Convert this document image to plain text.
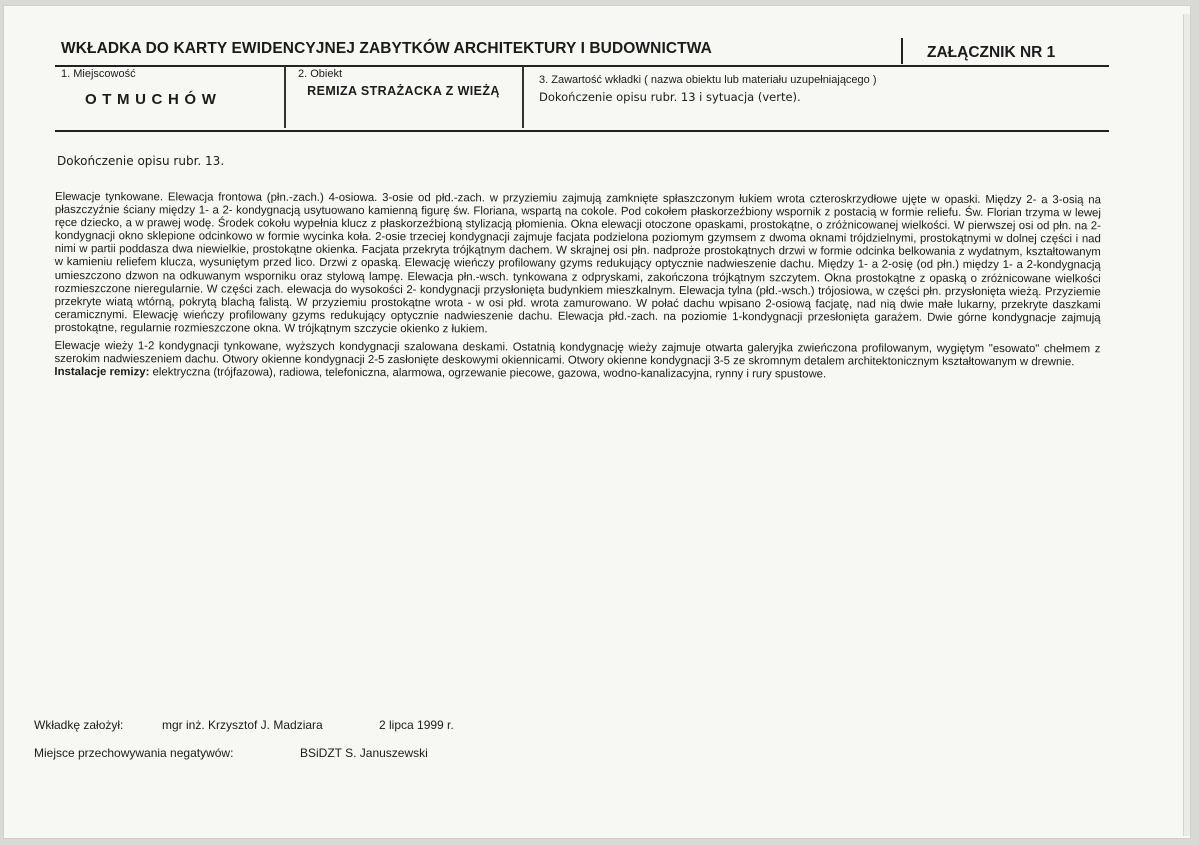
WKŁADKA DO KARTY EWIDENCYJNEJ ZABYTKÓW ARCHITEKTURY I BUDOWNICTWA	ZAŁĄCZNIK NR 1
1. Miejscowość
OTMUCHÓW
2. Obiekt
REMIZA STRAŻACKA Z WIEŻĄ
3. Zawartość wkładki ( nazwa obiektu lub materiału uzupełniającego )
Dokończenie opisu rubr. 13 i sytuacja (verte).
Dokończenie opisu rubr. 13.

Elewacje tynkowane. Elewacja frontowa (płn.-zach.) 4-osiowa. 3-osie od płd.-zach. w przyziemiu zajmują zamknięte spłaszczonym łukiem wrota czteroskrzydłowe ujęte w opaski. Między 2- a 3-osią na płaszczyźnie ściany między 1- a 2- kondygnacją usytuowano kamienną figurę św. Floriana, wspartą na cokole. Pod cokołem płaskorzeźbiony wspornik z postacią w formie reliefu. Św. Florian trzyma w lewej ręce dziecko, a w prawej wodę. Środek cokołu wypełnia klucz z płaskorzeźbioną stylizacją płomienia. Okna elewacji otoczone opaskami, prostokątne, o zróżnicowanej wielkości. W pierwszej osi od płn. na 2-kondygnacji okno sklepione odcinkowo w formie wycinka koła. 2-osie trzeciej kondygnacji zajmuje facjata podzielona poziomym gzymsem z dwoma oknami trójdzielnymi, prostokątnymi w dolnej części i nad nimi w partii poddasza dwa niewielkie, prostokątne okienka. Facjata przekryta trójkątnym dachem. W skrajnej osi płn. nadproże prostokątnych drzwi w formie odcinka belkowania z wydatnym, kształtowanym w kamieniu reliefem klucza, wysuniętym przed lico. Drzwi z opaską. Elewację wieńczy profilowany gzyms redukujący optycznie nadwieszenie dachu. Między 1- a 2-osię (od płn.) między 1- a 2-kondygnacją umieszczono dzwon na odkuwanym wsporniku oraz stylową lampę. Elewacja płn.-wsch. tynkowana z odpryskami, zakończona trójkątnym szczytem. Okna prostokątne z opaską o zróżnicowane wielkości rozmieszczone nieregularnie. W części zach. elewacja do wysokości 2- kondygnacji przysłonięta budynkiem mieszkalnym. Elewacja tylna (płd.-wsch.) trójosiowa, w części płn. przysłonięta wieżą. Przyziemie przekryte wiatą wtórną, pokrytą blachą falistą. W przyziemiu prostokątne wrota - w osi płd. wrota zamurowano. W połać dachu wpisano 2-osiową facjatę, nad nią dwie małe lukarny, przekryte daszkami ceramicznymi. Elewację wieńczy profilowany gzyms redukujący optycznie nadwieszenie dachu. Elewacja płd.-zach. na poziomie 1-kondygnacji przesłonięta garażem. Dwie górne kondygnacje zajmują prostokątne, regularnie rozmieszczone okna. W trójkątnym szczycie okienko z łukiem.

Elewacje wieży 1-2 kondygnacji tynkowane, wyższych kondygnacji szalowana deskami. Ostatnią kondygnację wieży zajmuje otwarta galeryjka zwieńczona profilowanym, wygiętym "esowato" chełmem z szerokim nadwieszeniem dachu. Otwory okienne kondygnacji 2-5 zasłonięte deskowymi okiennicami. Otwory okienne kondygnacji 3-5 ze skromnym detalem architektonicznym kształtowanym w drewnie.

Instalacje remizy: elektryczna (trójfazowa), radiowa, telefoniczna, alarmowa, ogrzewanie piecowe, gazowa, wodno-kanalizacyjna, rynny i rury spustowe.

Wkładkę założył:	mgr inż. Krzysztof J. Madziara	2 lipca 1999 r.
Miejsce przechowywania negatywów:	BSiDZT S. Januszewski
